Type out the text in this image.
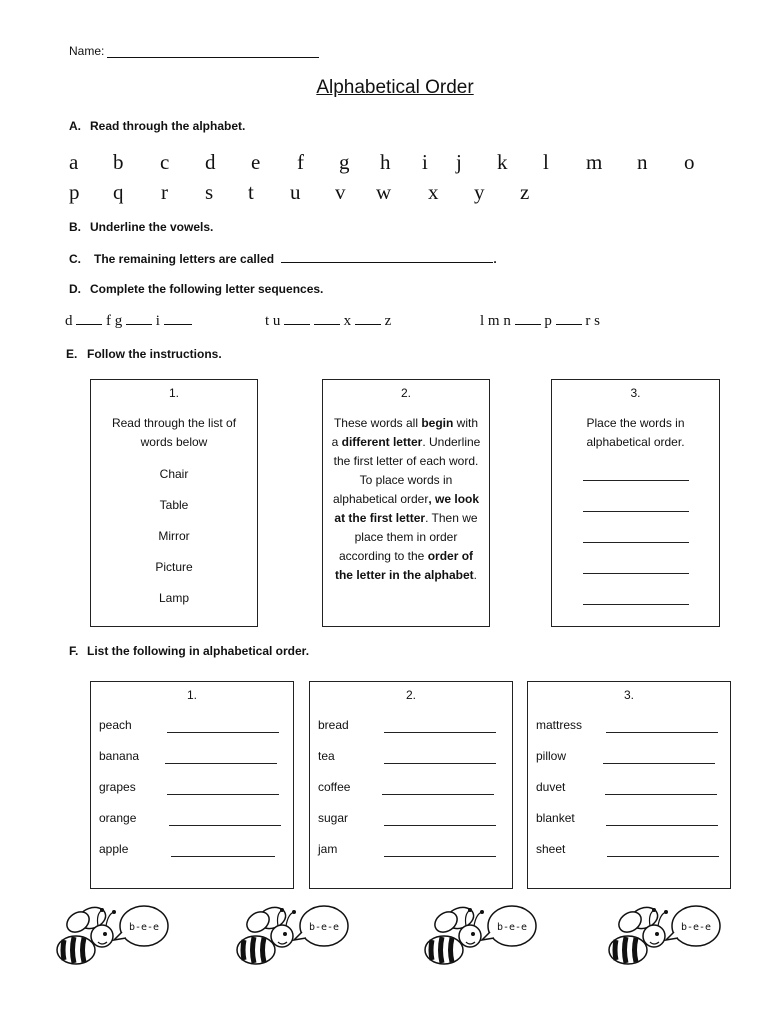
Name:
Alphabetical Order
A. Read through the alphabet.
a b c d e f g h i j k l m n o
p q r s t u v w x y z
B. Underline the vowels.
C. The remaining letters are called	.
D. Complete the following letter sequences.
d f g i	t u	x z	l m n p r s
E. Follow the instructions.
1.
Read through the list of words below
Chair
Table
Mirror
Picture
Lamp
2.
These words all begin with a different letter. Underline the first letter of each word. To place words in alphabetical order, we look at the first letter. Then we place them in order according to the order of the letter in the alphabet.
3.
Place the words in alphabetical order.
F. List the following in alphabetical order.
1.
peach
banana
grapes
orange
apple
2.
bread
tea
coffee
sugar
jam
3.
mattress
pillow
duvet
blanket
sheet
b-e-e	b-e-e	b-e-e	b-e-e
